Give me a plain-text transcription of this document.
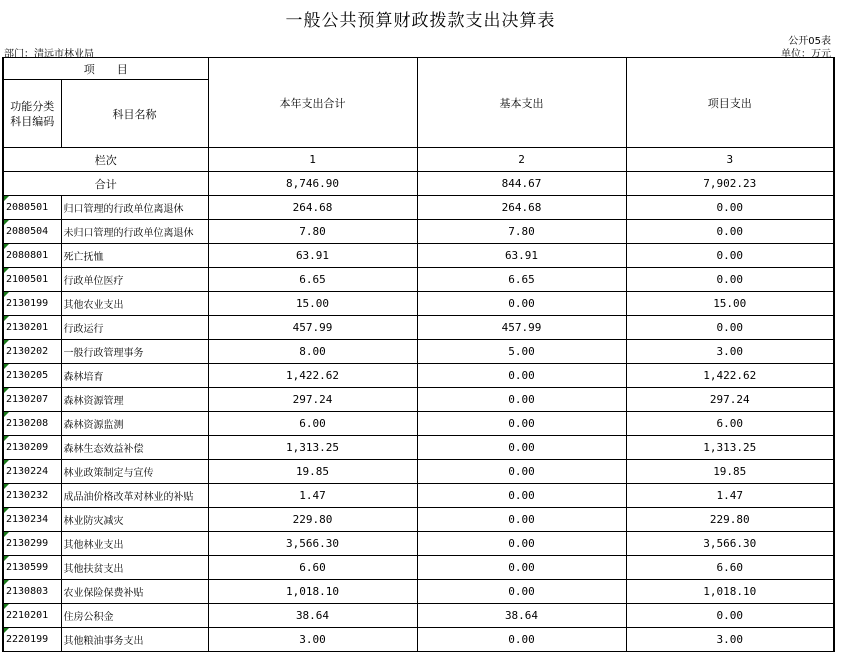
一般公共预算财政拨款支出决算表
公开05表
部门：清远市林业局	单位：万元
项　　目		本年支出合计	基本支出	项目支出
功能分类
科目编码	科目名称			
栏次		1	2	3
合计		8,746.90	844.67	7,902.23
2080501	归口管理的行政单位离退休	264.68	264.68	0.00
2080504	未归口管理的行政单位离退休	7.80	7.80	0.00
2080801	死亡抚恤	63.91	63.91	0.00
2100501	行政单位医疗	6.65	6.65	0.00
2130199	其他农业支出	15.00	0.00	15.00
2130201	行政运行	457.99	457.99	0.00
2130202	一般行政管理事务	8.00	5.00	3.00
2130205	森林培育	1,422.62	0.00	1,422.62
2130207	森林资源管理	297.24	0.00	297.24
2130208	森林资源监测	6.00	0.00	6.00
2130209	森林生态效益补偿	1,313.25	0.00	1,313.25
2130224	林业政策制定与宣传	19.85	0.00	19.85
2130232	成品油价格改革对林业的补贴	1.47	0.00	1.47
2130234	林业防灾减灾	229.80	0.00	229.80
2130299	其他林业支出	3,566.30	0.00	3,566.30
2130599	其他扶贫支出	6.60	0.00	6.60
2130803	农业保险保费补贴	1,018.10	0.00	1,018.10
2210201	住房公积金	38.64	38.64	0.00
2220199	其他粮油事务支出	3.00	0.00	3.00
